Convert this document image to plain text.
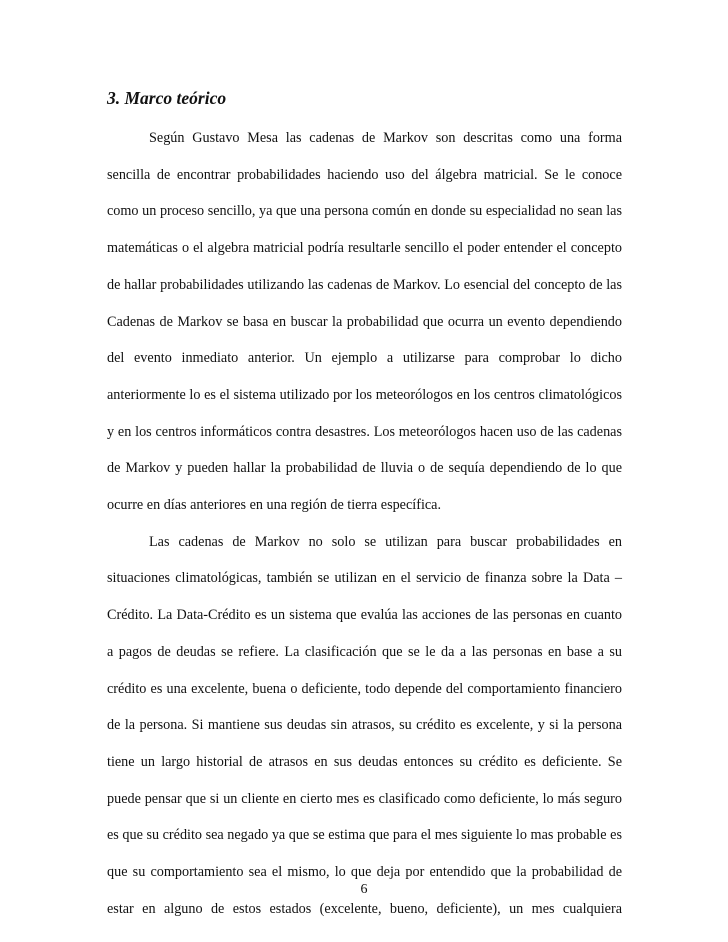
3. Marco teórico

Según Gustavo Mesa las cadenas de Markov son descritas como una forma sencilla de encontrar probabilidades haciendo uso del álgebra matricial. Se le conoce como un proceso sencillo, ya que una persona común en donde su especialidad no sean las matemáticas o el algebra matricial podría resultarle sencillo el poder entender el concepto de hallar probabilidades utilizando las cadenas de Markov. Lo esencial del concepto de las Cadenas de Markov se basa en buscar la probabilidad que ocurra un evento dependiendo del evento inmediato anterior. Un ejemplo a utilizarse para comprobar lo dicho anteriormente lo es el sistema utilizado por los meteorólogos en los centros climatológicos y en los centros informáticos contra desastres. Los meteorólogos hacen uso de las cadenas de Markov y pueden hallar la probabilidad de lluvia o de sequía dependiendo de lo que ocurre en días anteriores en una región de tierra específica.

Las cadenas de Markov no solo se utilizan para buscar probabilidades en situaciones climatológicas, también se utilizan en el servicio de finanza sobre la Data – Crédito. La Data-Crédito es un sistema que evalúa las acciones de las personas en cuanto a pagos de deudas se refiere. La clasificación que se le da a las personas en base a su crédito es una excelente, buena o deficiente, todo depende del comportamiento financiero de la persona. Si mantiene sus deudas sin atrasos, su crédito es excelente, y si la persona tiene un largo historial de atrasos en sus deudas entonces su crédito es deficiente. Se puede pensar que si un cliente en cierto mes es clasificado como deficiente, lo más seguro es que su crédito sea negado ya que se estima que para el mes siguiente lo mas probable es que su comportamiento sea el mismo, lo que deja por entendido que la probabilidad de estar en alguno de estos estados (excelente, bueno, deficiente), un mes cualquiera

6
